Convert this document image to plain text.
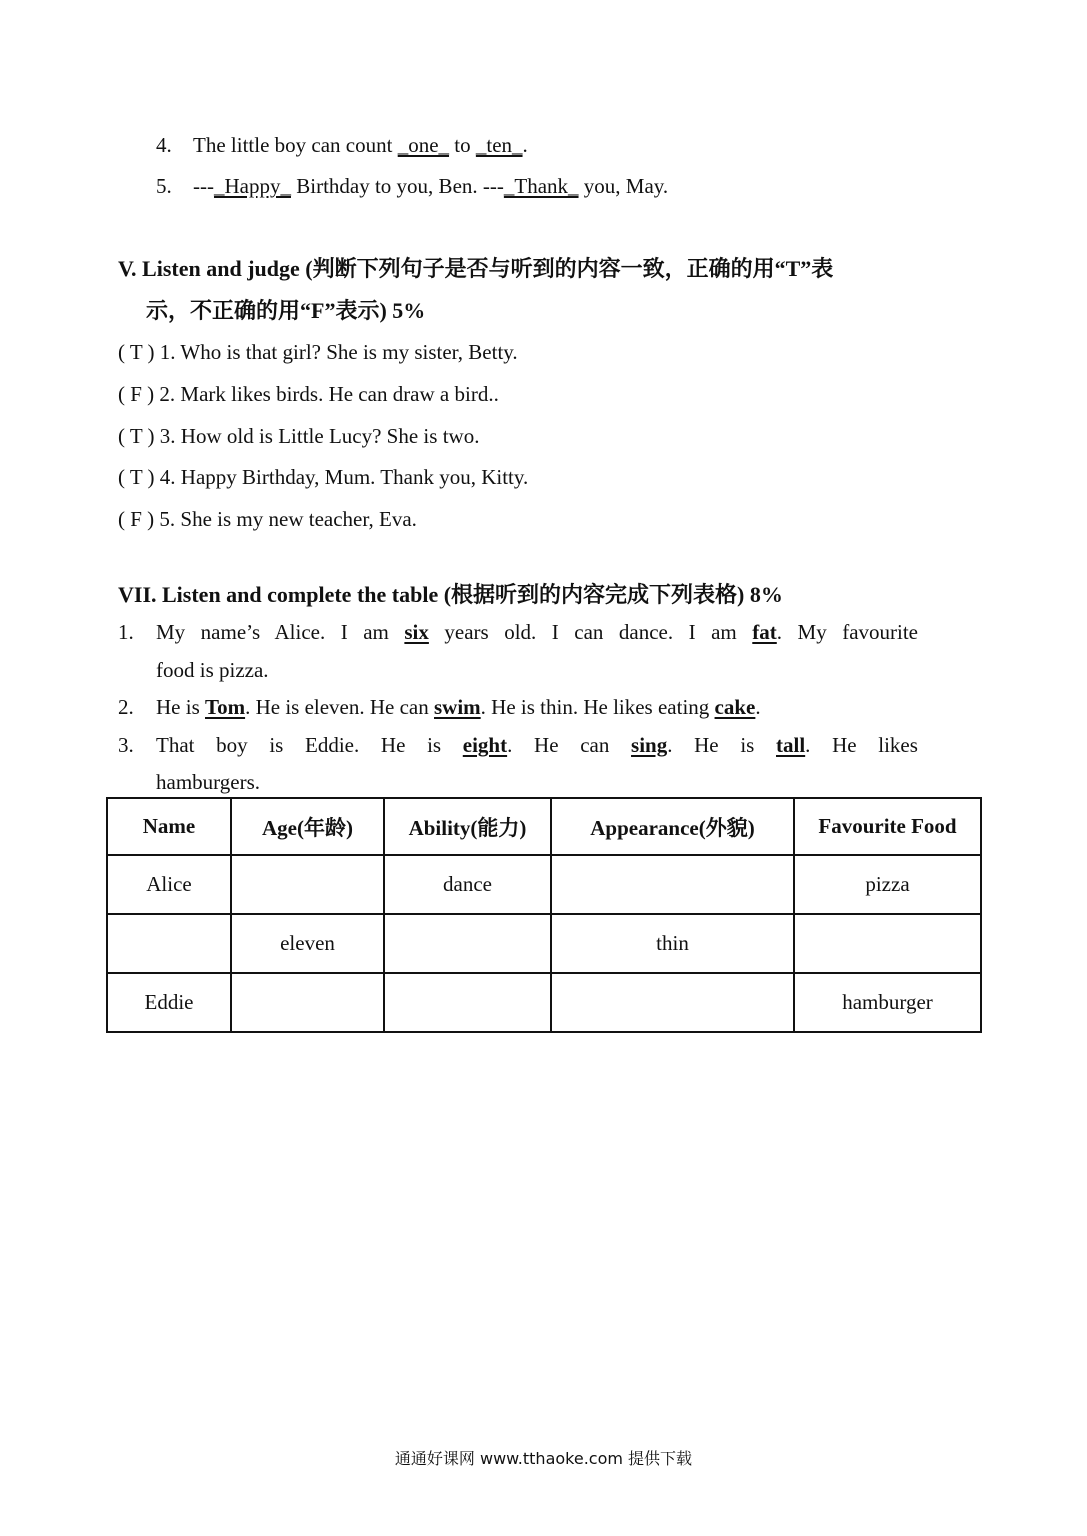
4. The little boy can count _one_ to _ten_.
5. ---_Happy_ Birthday to you, Ben. ---_Thank_ you, May.
V. Listen and judge (判断下列句子是否与听到的内容一致，正确的用“T”表
示，不正确的用“F”表示) 5%
( T ) 1. Who is that girl? She is my sister, Betty.
( F ) 2. Mark likes birds. He can draw a bird..
( T ) 3. How old is Little Lucy? She is two.
( T ) 4. Happy Birthday, Mum. Thank you, Kitty.
( F ) 5. She is my new teacher, Eva.
VII. Listen and complete the table (根据听到的内容完成下列表格) 8%
1. My name’s Alice. I am six years old. I can dance. I am fat. My favourite
food is pizza.
2. He is Tom. He is eleven. He can swim. He is thin. He likes eating cake.
3. That boy is Eddie. He is eight. He can sing. He is tall. He likes
hamburgers.
Name	Age(年龄)	Ability(能力)	Appearance(外貌)	Favourite Food
Alice		dance		pizza
	eleven		thin	
Eddie				hamburger
通通好课网 www.tthaoke.com 提供下载
